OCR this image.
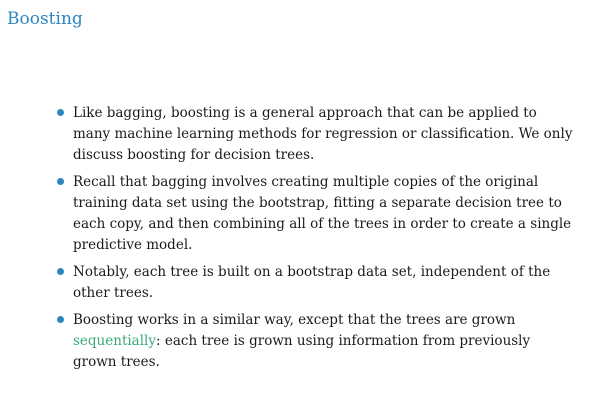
Boosting
Like bagging, boosting is a general approach that can be applied to many machine learning methods for regression or classification. We only discuss boosting for decision trees.
Recall that bagging involves creating multiple copies of the original training data set using the bootstrap, fitting a separate decision tree to each copy, and then combining all of the trees in order to create a single predictive model.
Notably, each tree is built on a bootstrap data set, independent of the other trees.
Boosting works in a similar way, except that the trees are grown sequentially: each tree is grown using information from previously grown trees.
